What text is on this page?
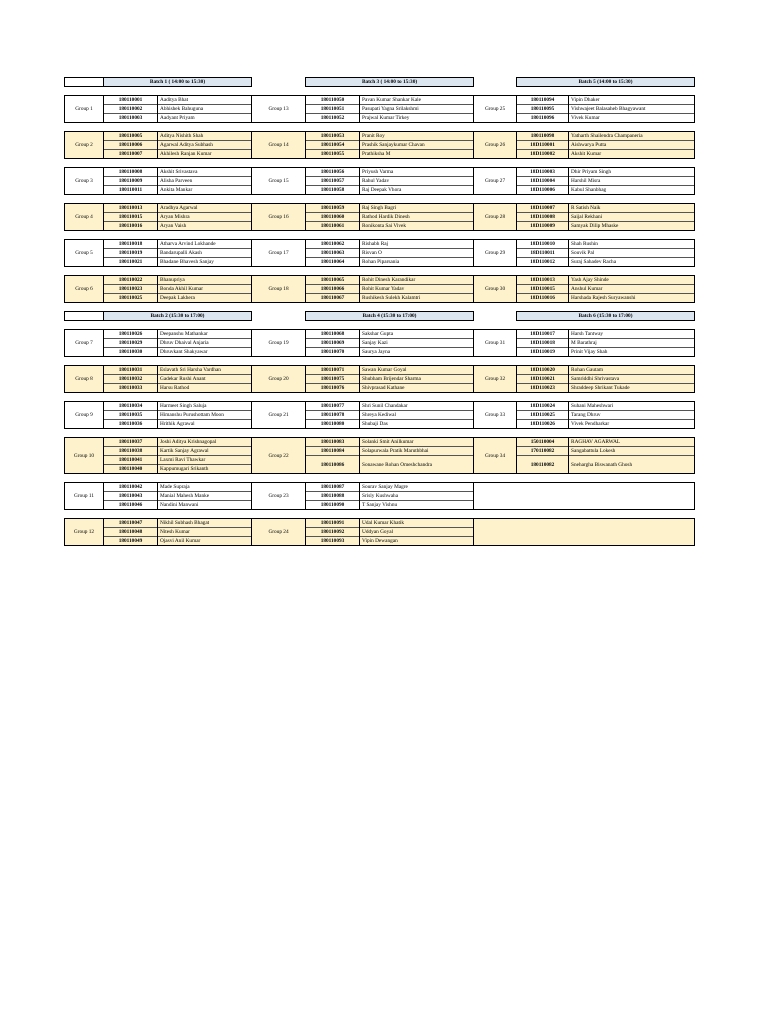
	Batch 1 ( 14:00 to 15:30)			Batch 3 ( 14:00 to 15:30)			Batch 5 (14:00 to 15:30)	

Group 1	180110001	Aaditya Bhat	Group 13	180110050	Pavan Kumar Shankar Kale	Group 25	180110094	Vipin Dhaker
	180110002	Abhishek Bahuguna		180110051	Pasupati Yagna Srilakshmi		180110095	Vishwajeet Balasaheb Bhagyawant
	180110003	Aadyant Priyam		180110052	Prajwal Kumar Tirkey		180110096	Vivek Kumar

Group 2	180110005	Aditya Nishith Shah	Group 14	180110053	Pranit Roy	Group 26	180110098	Yatharth Shailendra Champaneria
	180110006	Agarwal Aditya Subhash		180110054	Prashik Sanjaykumar Chavan		18D110001	Aishwarya Putta
	180110007	Akhilesh Ranjan Kumar		180110055	Prathiksha M		18D110002	Akshit Kumar

Group 3	180110008	Akshit Srivastava	Group 15	180110056	Priyush Varma	Group 27	18D110003	Dhir Priyam Singh
	180110009	Alisha Parveen		180110057	Rahul Yadav		18D110004	Harshil Misra
	180110011	Ankita Mankar		180110058	Raj Deepak Vhora		18D110006	Kabul Shanbhag

Group 4	180110013	Aradhya Agarwal	Group 16	180110059	Raj Singh Bagri	Group 28	18D110007	R Satish Naik
	180110015	Aryan Mishra		180110060	Rathod Hardik Dinesh		18D110008	Saijal Rekhani
	180110016	Aryan Vaish		180110061	Ronikonta Sai Vivek		18D110009	Samyak Dilip Mhaske

Group 5	180110018	Atharva Arvind Lokhande	Group 17	180110062	Rishabh Raj	Group 29	18D110010	Shah Rushin
	180110019	Bandarupalli Akash		180110063	Risvan O		18D110011	Souvik Pal
	180110021	Bhadane Bhavesh Sanjay		180110064	Rohan Piparsania		18D110012	Suraj Sahadev Racha

Group 6	180110022	Bhanupriya	Group 18	180110065	Rohit Dinesh Karandikar	Group 30	18D110013	Yash Ajay Shinde
	180110023	Bonda Akhil Kumar		180110066	Rohit Kumar Yadav		18D110015	Anshul Kumar
	180110025	Deepak Lakhera		180110067	Rushikesh Sulekh Kalamtri		18D110016	Harshada Rajesh Suryawanshi

	Batch 2 (15:30 to 17:00)			Batch 4 (15:30 to 17:00)			Batch 6 (15:30 to 17:00)	

Group 7	180110026	Deepanshu Mathankar	Group 19	180110068	Sakshar Gupta	Group 31	18D110017	Harsh Tantway
	180110029	Dhruv Dhaival Anjaria		180110069	Sanjay Kazi		18D110018	M Barathraj
	180110030	Dhruvkant Shakyawar		180110070	Saurya Jayna		18D110019	Prinit Vijay Shah

Group 8	180110031	Eslavath Sri Harsha Vardhan	Group 20	180110071	Sawan Kumar Goyal	Group 32	18D110020	Rohan Gautam
	180110032	Gadekar Rushi Anant		180110075	Shubham Brijendar Sharma		18D110021	Samriddhi Shrivastava
	180110033	Harsu Rathod		180110076	Shivprasad Kathane		18D110023	Shraddeep Shrikant Tukade

Group 9	180110034	Harmeet Singh Saluja	Group 21	180110077	Shri Sunil Chandakar	Group 33	18D110024	Suhani Maheshwari
	180110035	Himanshu Purushottam Moon		180110078	Shreya Kediwal		18D110025	Tarang Dhruv
	180110036	Hrithik Agrawal		180110080	Shubaji Das		18D110026	Vivek Pendharkar

Group 10	180110037	Joshi Aditya Krishnagopal	Group 22	180110083	Solanki Smit Anilkumar	Group 34	150110004	RAGHAV AGARWAL
	180110038	Kartik Sanjay Agrawal		180110084	Solapurwala Pratik Maruthbhai		170110082	Sangabattula Lokesh
	180110041	Laxmi Ravi Thawkar		180110086	Sonawane Rohan Omeshchandra		180110082	Snehargha Biswanath Ghosh
	180110040	Kappumugari Srikanth						

Group 11	180110042	Made Supraja	Group 23	180110087	Sourav Sanjay Magre			
	180110043	Manial Mahesh Manke		180110088	Srisly Kushwaha			
	180110046	Nandini Manwani		180110090	T Sanjay Vishnu			

Group 12	180110047	Nikhil Subhash Bhagat	Group 24	180110091	Udal Kumar Khatik			
	180110048	Nitesh Kumar		180110092	Uddyan Goyal			
	180110049	Ojasvi Anil Kumar		180110093	Vipin Dewangan			
